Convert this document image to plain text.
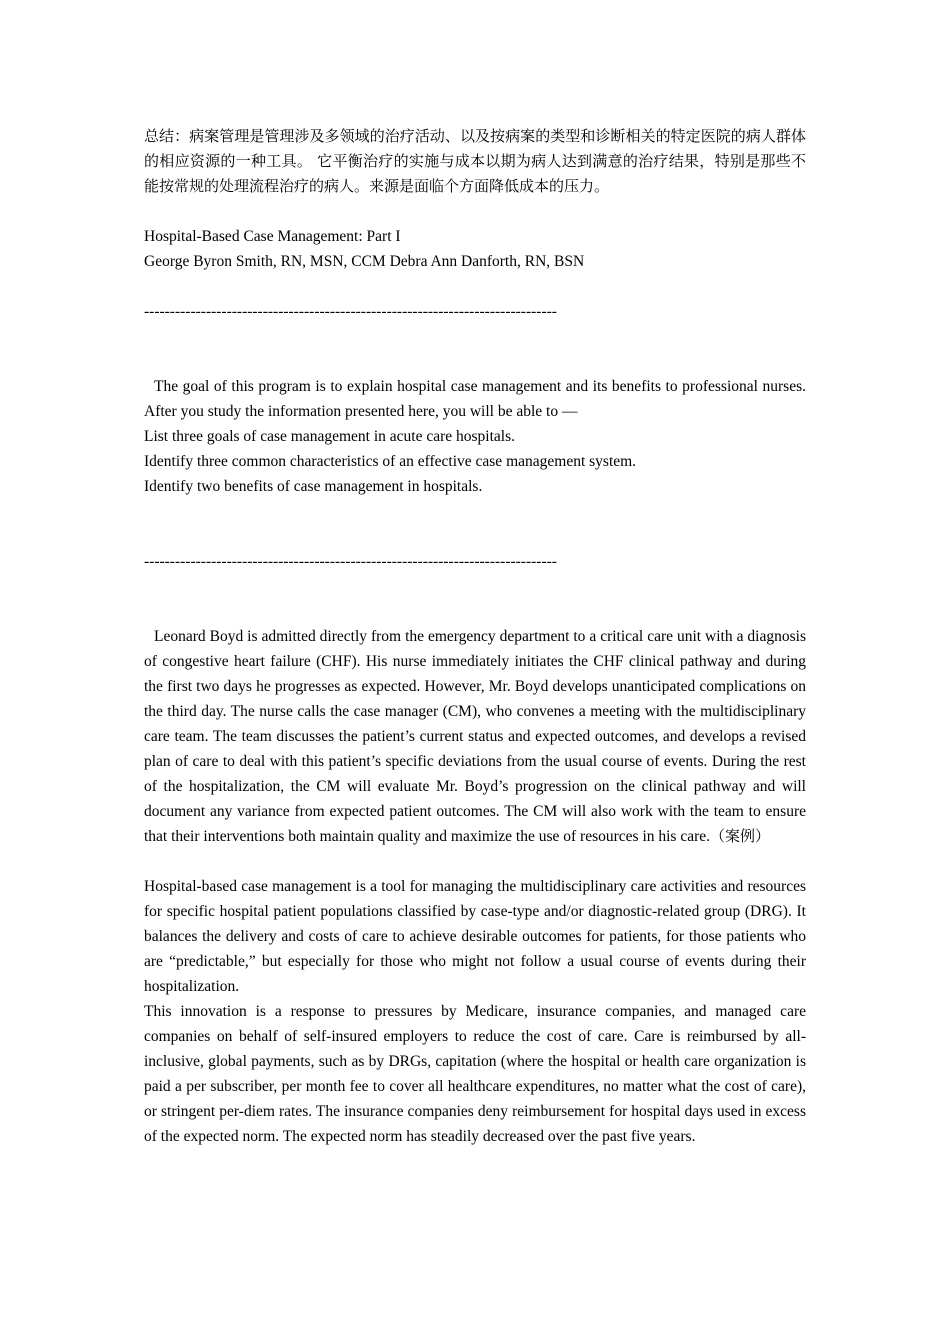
总结：病案管理是管理涉及多领域的治疗活动、以及按病案的类型和诊断相关的特定医院的病人群体的相应资源的一种工具。 它平衡治疗的实施与成本以期为病人达到满意的治疗结果，特别是那些不能按常规的处理流程治疗的病人。来源是面临个方面降低成本的压力。

Hospital-Based Case Management: Part I
George Byron Smith, RN, MSN, CCM Debra Ann Danforth, RN, BSN
--------------------------------------------------------------------------------

The goal of this program is to explain hospital case management and its benefits to professional nurses. After you study the information presented here, you will be able to —

List three goals of case management in acute care hospitals.
Identify three common characteristics of an effective case management system.
Identify two benefits of case management in hospitals.
--------------------------------------------------------------------------------

Leonard Boyd is admitted directly from the emergency department to a critical care unit with a diagnosis of congestive heart failure (CHF). His nurse immediately initiates the CHF clinical pathway and during the first two days he progresses as expected. However, Mr. Boyd develops unanticipated complications on the third day. The nurse calls the case manager (CM), who convenes a meeting with the multidisciplinary care team. The team discusses the patient’s current status and expected outcomes, and develops a revised plan of care to deal with this patient’s specific deviations from the usual course of events. During the rest of the hospitalization, the CM will evaluate Mr. Boyd’s progression on the clinical pathway and will document any variance from expected patient outcomes. The CM will also work with the team to ensure that their interventions both maintain quality and maximize the use of resources in his care.（案例）

Hospital-based case management is a tool for managing the multidisciplinary care activities and resources for specific hospital patient populations classified by case-type and/or diagnostic-related group (DRG). It balances the delivery and costs of care to achieve desirable outcomes for patients, for those patients who are “predictable,” but especially for those who might not follow a usual course of events during their hospitalization.

This innovation is a response to pressures by Medicare, insurance companies, and managed care companies on behalf of self-insured employers to reduce the cost of care. Care is reimbursed by all-inclusive, global payments, such as by DRGs, capitation (where the hospital or health care organization is paid a per subscriber, per month fee to cover all healthcare expenditures, no matter what the cost of care), or stringent per-diem rates. The insurance companies deny reimbursement for hospital days used in excess of the expected norm. The expected norm has steadily decreased over the past five years.
